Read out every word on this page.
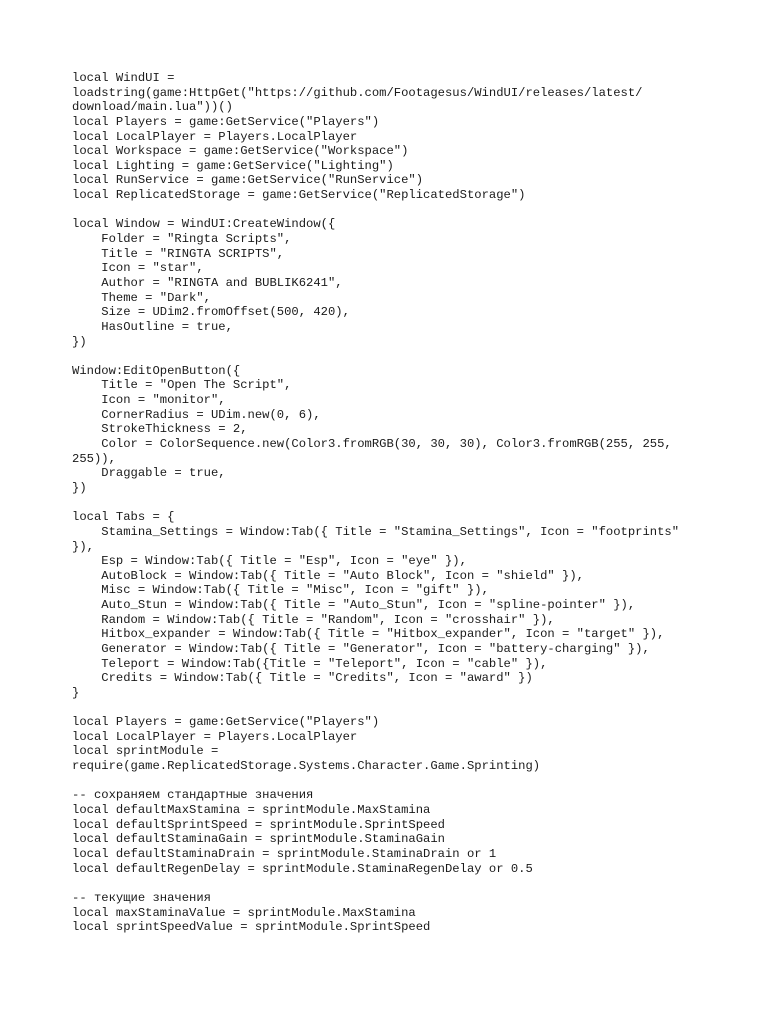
local WindUI =
loadstring(game:HttpGet("https://github.com/Footagesus/WindUI/releases/latest/
download/main.lua"))()
local Players = game:GetService("Players")
local LocalPlayer = Players.LocalPlayer
local Workspace = game:GetService("Workspace")
local Lighting = game:GetService("Lighting")
local RunService = game:GetService("RunService")
local ReplicatedStorage = game:GetService("ReplicatedStorage")
local Window = WindUI:CreateWindow({
Folder = "Ringta Scripts",
Title = "RINGTA SCRIPTS",
Icon = "star",
Author = "RINGTA and BUBLIK6241",
Theme = "Dark",
Size = UDim2.fromOffset(500, 420),
HasOutline = true,
})
Window:EditOpenButton({
Title = "Open The Script",
Icon = "monitor",
CornerRadius = UDim.new(0, 6),
StrokeThickness = 2,
Color = ColorSequence.new(Color3.fromRGB(30, 30, 30), Color3.fromRGB(255, 255,
255)),
Draggable = true,
})
local Tabs = {
Stamina_Settings = Window:Tab({ Title = "Stamina_Settings", Icon = "footprints"
}),
Esp = Window:Tab({ Title = "Esp", Icon = "eye" }),
AutoBlock = Window:Tab({ Title = "Auto Block", Icon = "shield" }),
Misc = Window:Tab({ Title = "Misc", Icon = "gift" }),
Auto_Stun = Window:Tab({ Title = "Auto_Stun", Icon = "spline-pointer" }),
Random = Window:Tab({ Title = "Random", Icon = "crosshair" }),
Hitbox_expander = Window:Tab({ Title = "Hitbox_expander", Icon = "target" }),
Generator = Window:Tab({ Title = "Generator", Icon = "battery-charging" }),
Teleport = Window:Tab({Title = "Teleport", Icon = "cable" }),
Credits = Window:Tab({ Title = "Credits", Icon = "award" })
}
local Players = game:GetService("Players")
local LocalPlayer = Players.LocalPlayer
local sprintModule =
require(game.ReplicatedStorage.Systems.Character.Game.Sprinting)
-- сохраняем стандартные значения
local defaultMaxStamina = sprintModule.MaxStamina
local defaultSprintSpeed = sprintModule.SprintSpeed
local defaultStaminaGain = sprintModule.StaminaGain
local defaultStaminaDrain = sprintModule.StaminaDrain or 1
local defaultRegenDelay = sprintModule.StaminaRegenDelay or 0.5
-- текущие значения
local maxStaminaValue = sprintModule.MaxStamina
local sprintSpeedValue = sprintModule.SprintSpeed
